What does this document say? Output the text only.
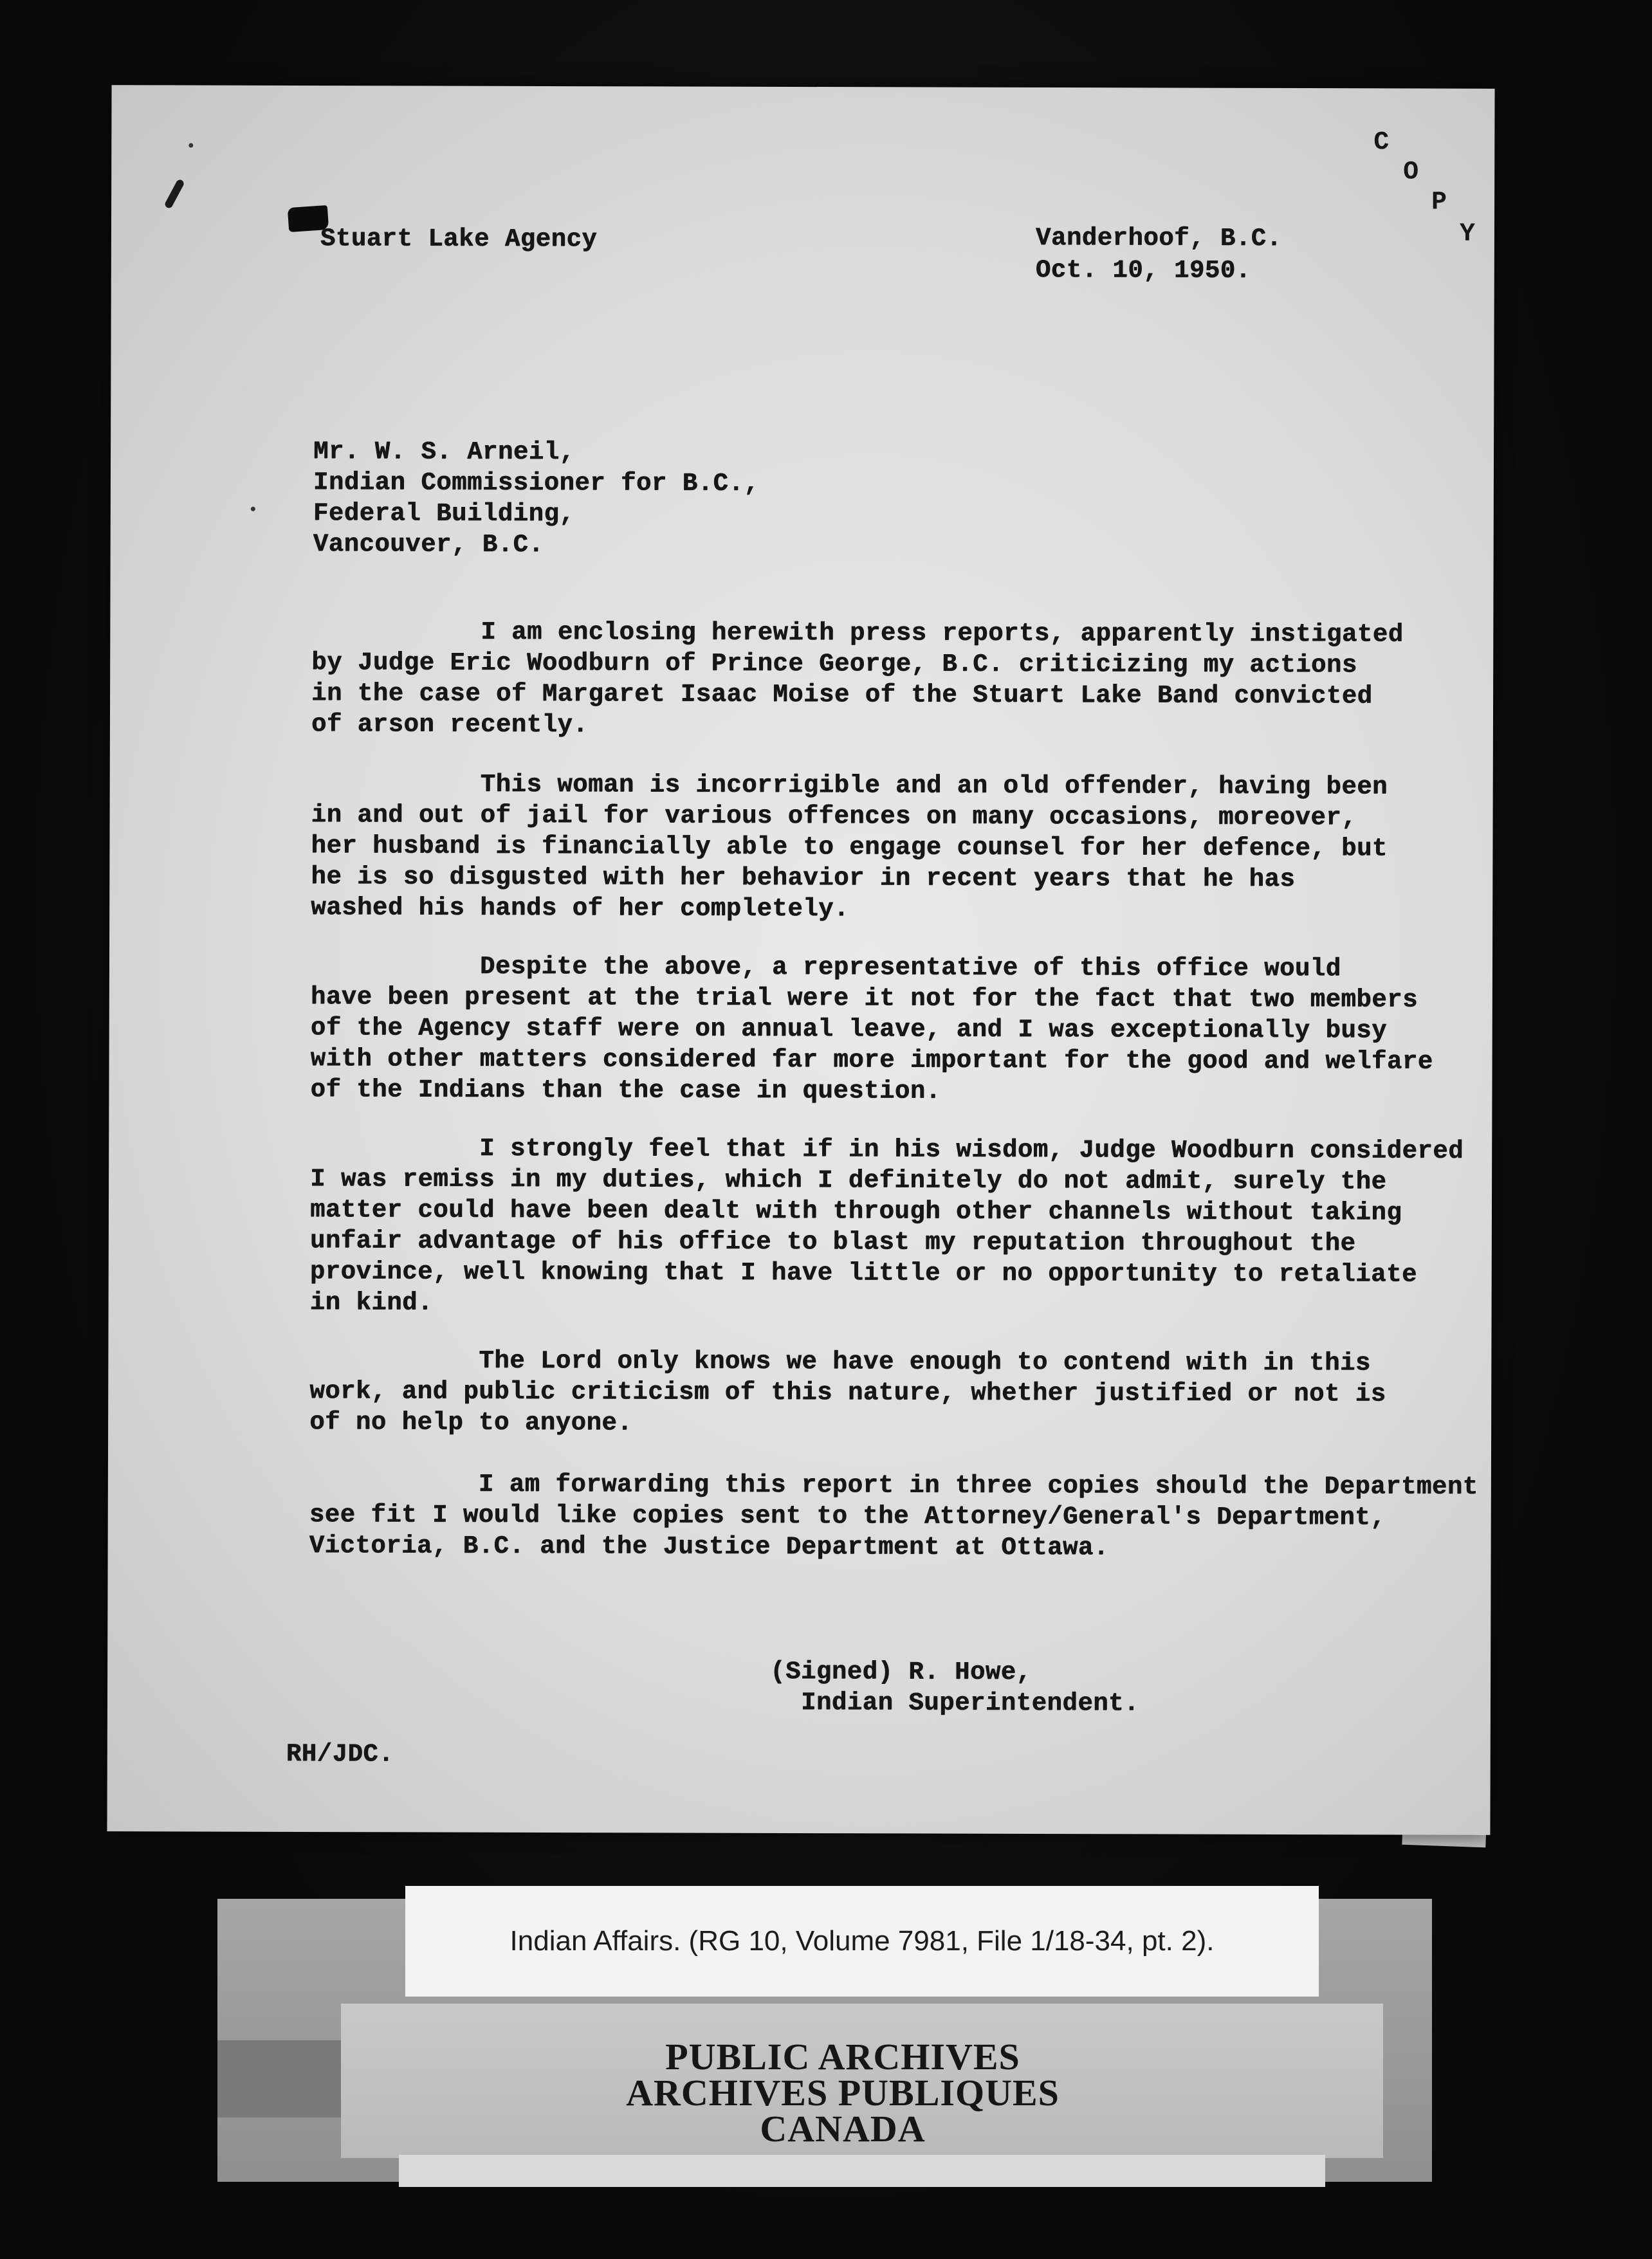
C
O
P
Y
Stuart Lake Agency	Vanderhoof, B.C.
Oct. 10, 1950.
Mr. W. S. Arneil,
Indian Commissioner for B.C.,
Federal Building,
Vancouver, B.C.
I am enclosing herewith press reports, apparently instigated
by Judge Eric Woodburn of Prince George, B.C. criticizing my actions
in the case of Margaret Isaac Moise of the Stuart Lake Band convicted
of arson recently.
This woman is incorrigible and an old offender, having been
in and out of jail for various offences on many occasions, moreover,
her husband is financially able to engage counsel for her defence, but
he is so disgusted with her behavior in recent years that he has
washed his hands of her completely.
Despite the above, a representative of this office would
have been present at the trial were it not for the fact that two members
of the Agency staff were on annual leave, and I was exceptionally busy
with other matters considered far more important for the good and welfare
of the Indians than the case in question.
I strongly feel that if in his wisdom, Judge Woodburn considered
I was remiss in my duties, which I definitely do not admit, surely the
matter could have been dealt with through other channels without taking
unfair advantage of his office to blast my reputation throughout the
province, well knowing that I have little or no opportunity to retaliate
in kind.
The Lord only knows we have enough to contend with in this
work, and public criticism of this nature, whether justified or not is
of no help to anyone.
I am forwarding this report in three copies should the Department
see fit I would like copies sent to the Attorney/General's Department,
Victoria, B.C. and the Justice Department at Ottawa.
(Signed) R. Howe,
Indian Superintendent.
RH/JDC.
Indian Affairs. (RG 10, Volume 7981, File 1/18-34, pt. 2).
PUBLIC ARCHIVES
ARCHIVES PUBLIQUES
CANADA
